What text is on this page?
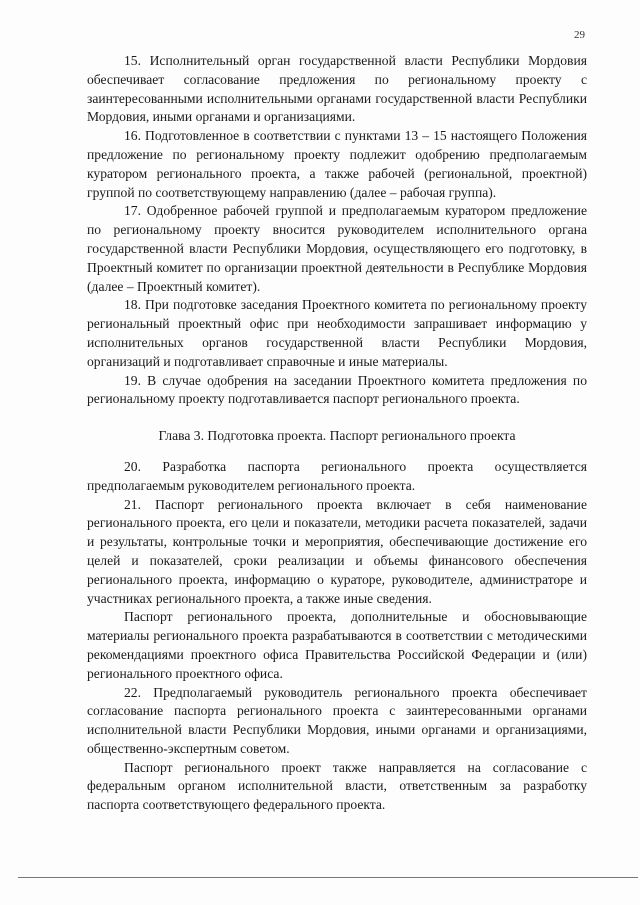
29

15. Исполнительный орган государственной власти Республики Мордовия обеспечивает согласование предложения по региональному проекту с заинтересованными исполнительными органами государственной власти Республики Мордовия, иными органами и организациями.

16. Подготовленное в соответствии с пунктами 13 – 15 настоящего Положения предложение по региональному проекту подлежит одобрению предполагаемым куратором регионального проекта, а также рабочей (региональной, проектной) группой по соответствующему направлению (далее – рабочая группа).

17. Одобренное рабочей группой и предполагаемым куратором предложение по региональному проекту вносится руководителем исполнительного органа государственной власти Республики Мордовия, осуществляющего его подготовку, в Проектный комитет по организации проектной деятельности в Республике Мордовия (далее – Проектный комитет).

18. При подготовке заседания Проектного комитета по региональному проекту региональный проектный офис при необходимости запрашивает информацию у исполнительных органов государственной власти Республики Мордовия, организаций и подготавливает справочные и иные материалы.

19. В случае одобрения на заседании Проектного комитета предложения по региональному проекту подготавливается паспорт регионального проекта.

Глава 3. Подготовка проекта. Паспорт регионального проекта

20. Разработка паспорта регионального проекта осуществляется предполагаемым руководителем регионального проекта.

21. Паспорт регионального проекта включает в себя наименование регионального проекта, его цели и показатели, методики расчета показателей, задачи и результаты, контрольные точки и мероприятия, обеспечивающие достижение его целей и показателей, сроки реализации и объемы финансового обеспечения регионального проекта, информацию о кураторе, руководителе, администраторе и участниках регионального проекта, а также иные сведения.

Паспорт регионального проекта, дополнительные и обосновывающие материалы регионального проекта разрабатываются в соответствии с методическими рекомендациями проектного офиса Правительства Российской Федерации и (или) регионального проектного офиса.

22. Предполагаемый руководитель регионального проекта обеспечивает согласование паспорта регионального проекта с заинтересованными органами исполнительной власти Республики Мордовия, иными органами и организациями, общественно-экспертным советом.

Паспорт регионального проект также направляется на согласование с федеральным органом исполнительной власти, ответственным за разработку паспорта соответствующего федерального проекта.
